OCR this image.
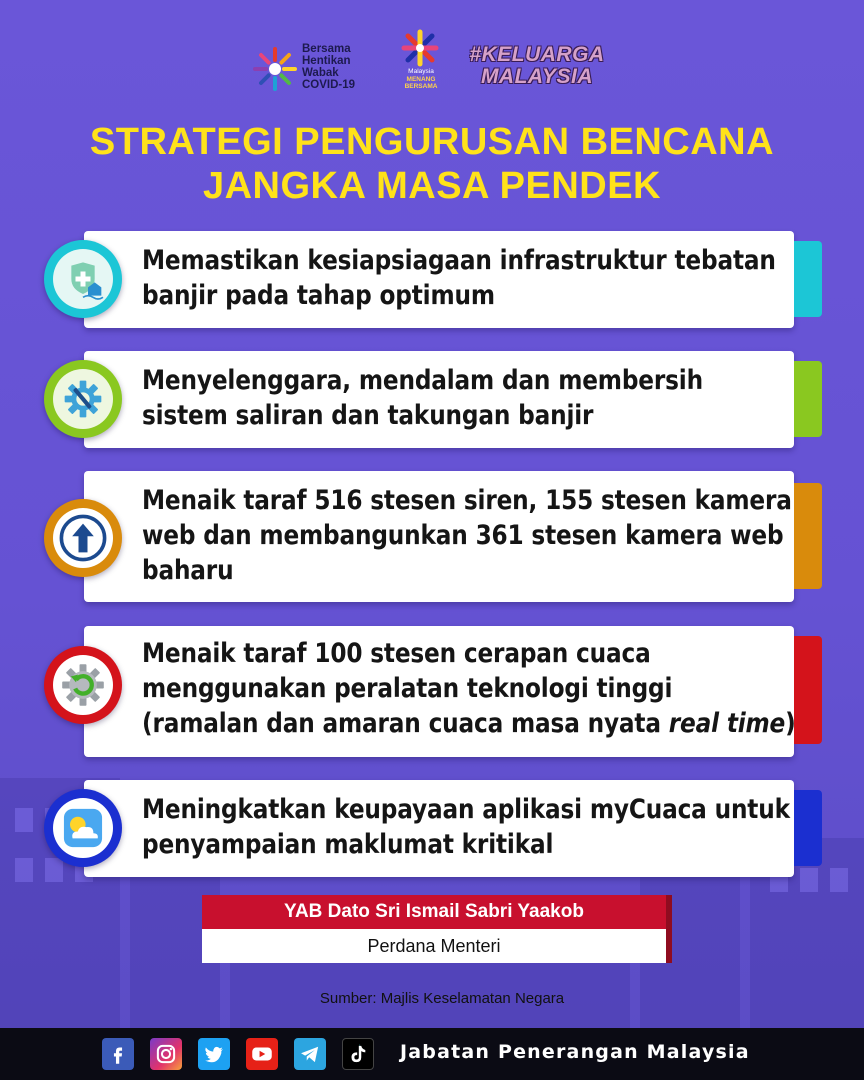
Bersama
Hentikan
Wabak
COVID-19
Malaysia
MENANG
BERSAMA
#KELUARGA
MALAYSIA
STRATEGI PENGURUSAN BENCANA
JANGKA MASA PENDEK
Memastikan kesiapsiagaan infrastruktur tebatan
banjir pada tahap optimum
Menyelenggara, mendalam dan membersih
sistem saliran dan takungan banjir
Menaik taraf 516 stesen siren, 155 stesen kamera
web dan membangunkan 361 stesen kamera web
baharu
Menaik taraf 100 stesen cerapan cuaca
menggunakan peralatan teknologi tinggi
(ramalan dan amaran cuaca masa nyata real time)
Meningkatkan keupayaan aplikasi myCuaca untuk
penyampaian maklumat kritikal
YAB Dato Sri Ismail Sabri Yaakob
Perdana Menteri
Sumber: Majlis Keselamatan Negara
Jabatan Penerangan Malaysia
